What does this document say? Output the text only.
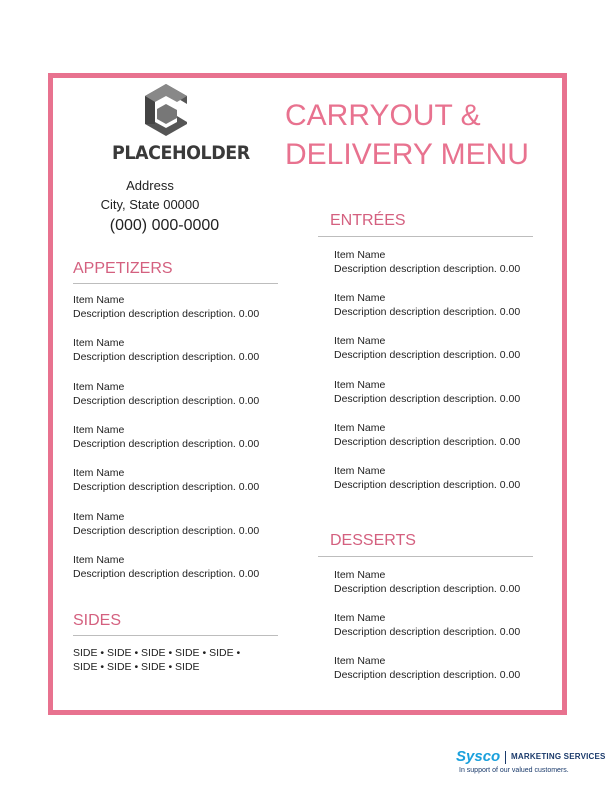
PLACEHOLDER
Address
City, State 00000
(000) 000-0000
CARRYOUT &
DELIVERY MENU
APPETIZERS
Item Name
Description description description. 0.00
Item Name
Description description description. 0.00
Item Name
Description description description. 0.00
Item Name
Description description description. 0.00
Item Name
Description description description. 0.00
Item Name
Description description description. 0.00
Item Name
Description description description. 0.00
SIDES
SIDE • SIDE • SIDE • SIDE • SIDE •
SIDE • SIDE • SIDE • SIDE
ENTRÉES
Item Name
Description description description. 0.00
Item Name
Description description description. 0.00
Item Name
Description description description. 0.00
Item Name
Description description description. 0.00
Item Name
Description description description. 0.00
Item Name
Description description description. 0.00
DESSERTS
Item Name
Description description description. 0.00
Item Name
Description description description. 0.00
Item Name
Description description description. 0.00
Sysco MARKETING SERVICES
In support of our valued customers.
